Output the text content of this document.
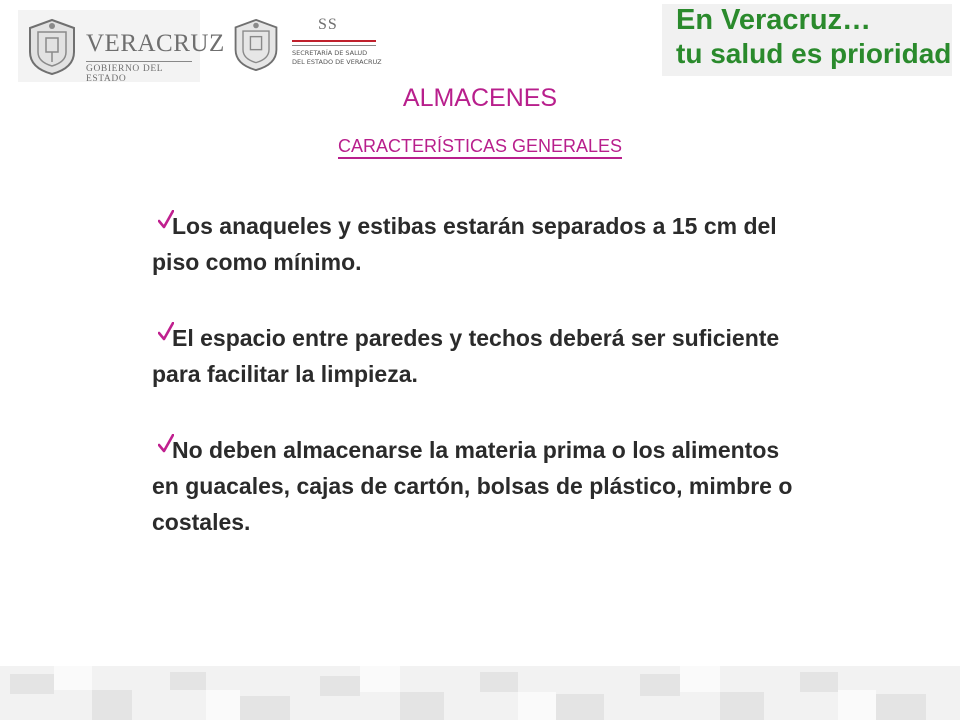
VERACRUZ
GOBIERNO DEL ESTADO
SS
SECRETARÍA DE SALUD
DEL ESTADO DE VERACRUZ
En Veracruz…
tu salud es prioridad
ALMACENES
CARACTERÍSTICAS GENERALES
Los anaqueles y estibas estarán separados a 15 cm del piso como mínimo.
El espacio entre paredes y techos deberá ser suficiente para facilitar la limpieza.
No deben almacenarse la materia prima o los alimentos en guacales, cajas de cartón, bolsas de plástico, mimbre o costales.
